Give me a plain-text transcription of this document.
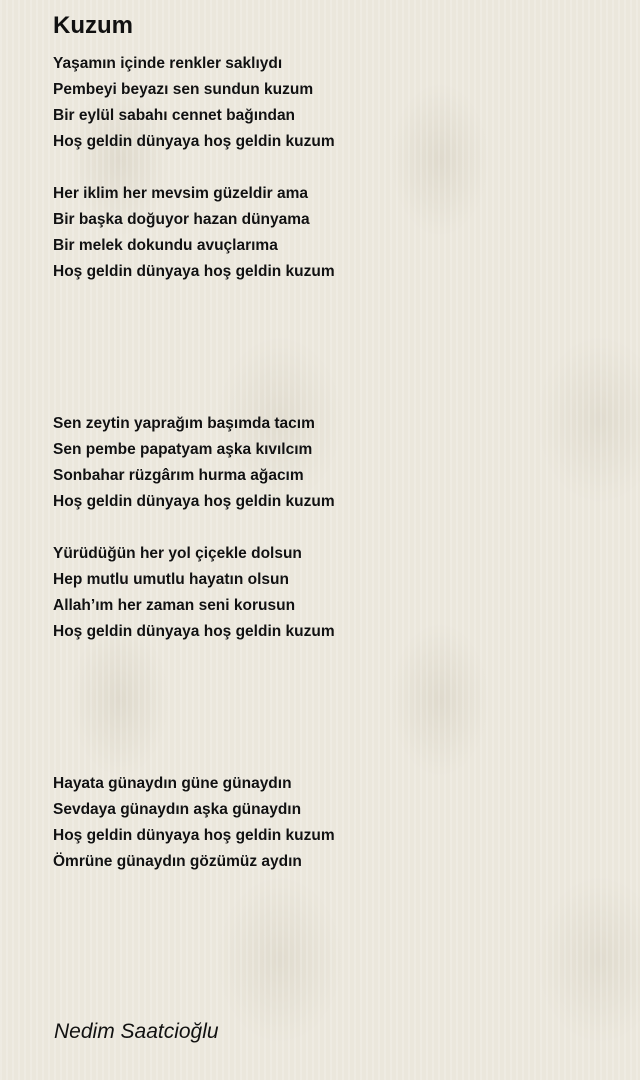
Kuzum
Yaşamın içinde renkler saklıydı
Pembeyi beyazı sen sundun kuzum
Bir eylül sabahı cennet bağından
Hoş geldin dünyaya hoş geldin kuzum
Her iklim her mevsim güzeldir ama
Bir başka doğuyor hazan dünyama
Bir melek dokundu avuçlarıma
Hoş geldin dünyaya hoş geldin kuzum
Sen zeytin yaprağım başımda tacım
Sen pembe papatyam aşka kıvılcım
Sonbahar rüzgârım hurma ağacım
Hoş geldin dünyaya hoş geldin kuzum
Yürüdüğün her yol çiçekle dolsun
Hep mutlu umutlu hayatın olsun
Allah’ım her zaman seni korusun
Hoş geldin dünyaya hoş geldin kuzum
Hayata günaydın güne günaydın
Sevdaya günaydın aşka günaydın
Hoş geldin dünyaya hoş geldin kuzum
Ömrüne günaydın gözümüz aydın
Nedim Saatcioğlu
